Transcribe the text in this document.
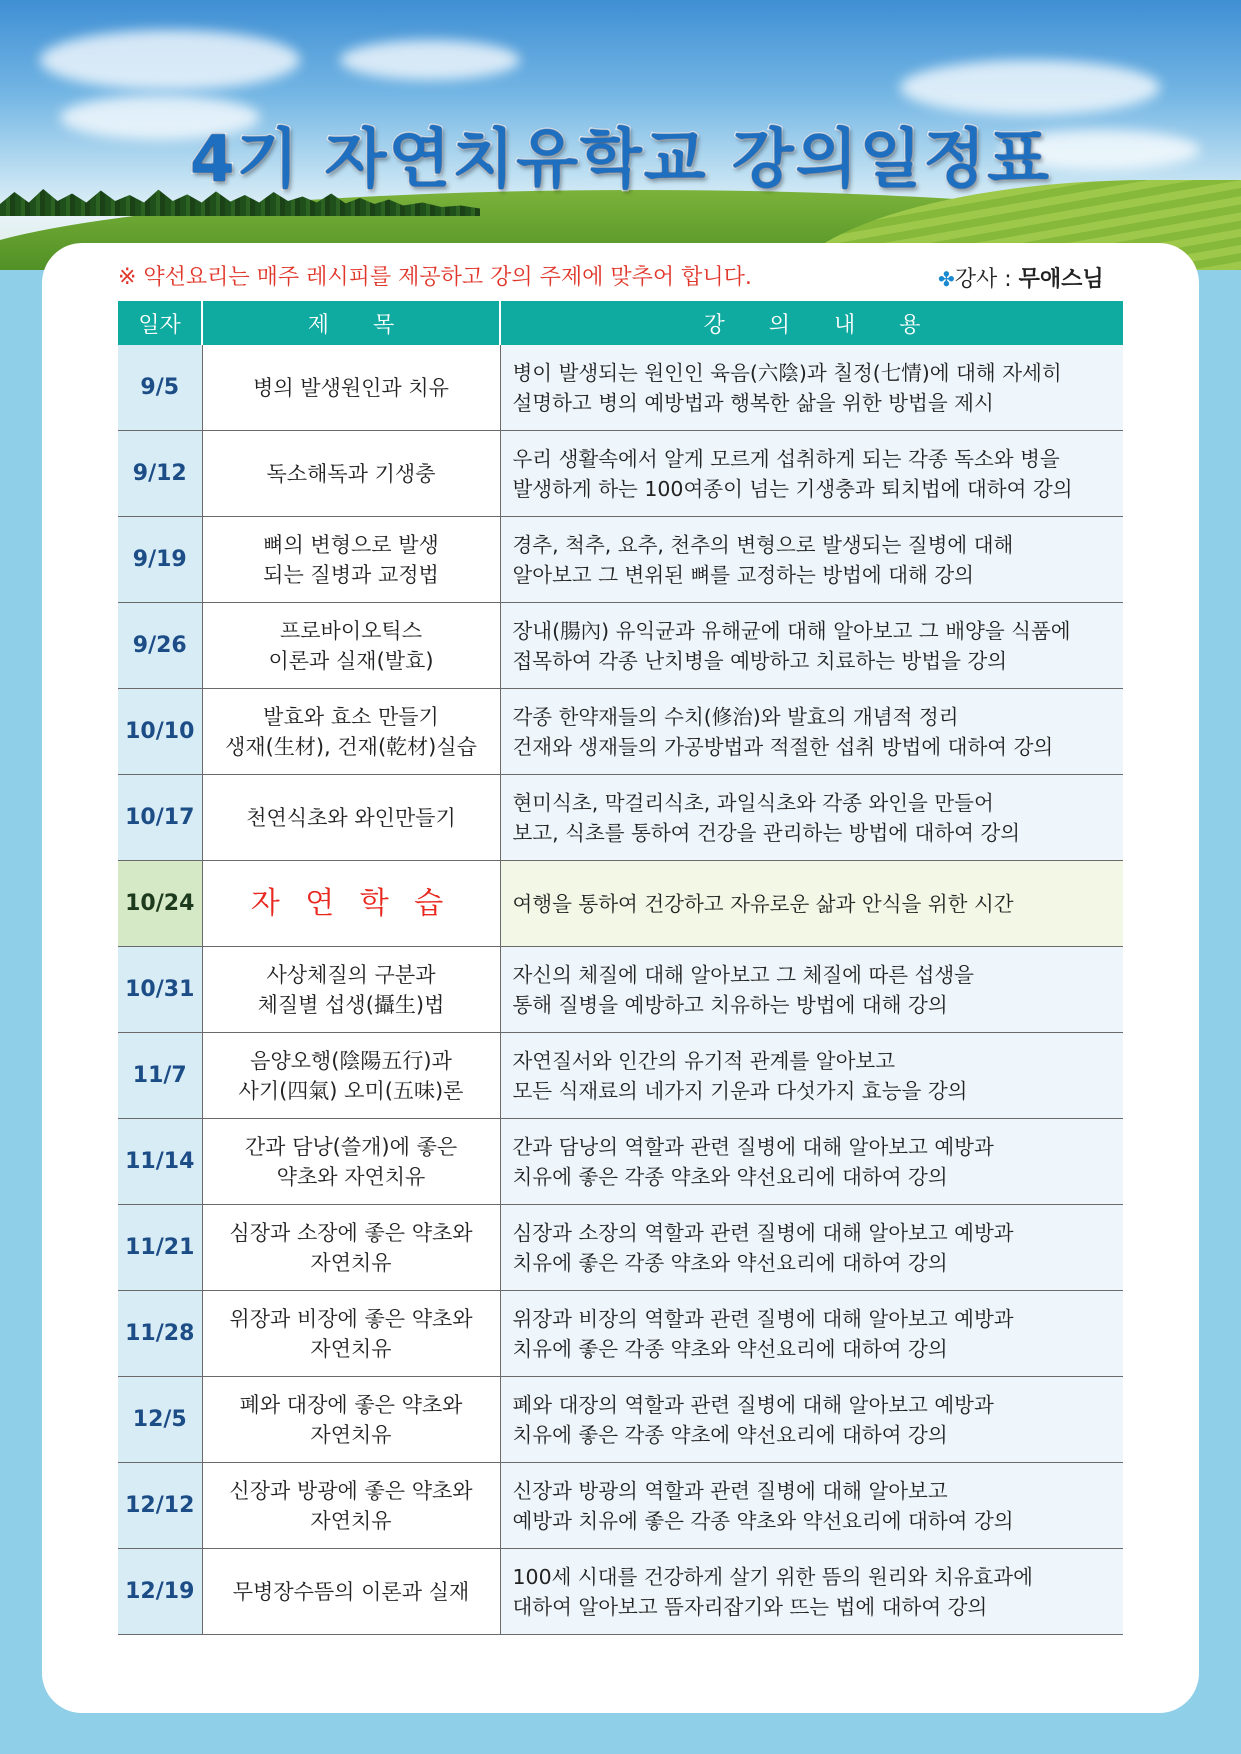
4기 자연치유학교 강의일정표
※ 약선요리는 매주 레시피를 제공하고 강의 주제에 맞추어 합니다.	✤강사 : 무애스님
일자	제　　목	강　　의　　내　　용
9/5	병의 발생원인과 치유	병이 발생되는 원인인 육음(六陰)과 칠정(七情)에 대해 자세히
설명하고 병의 예방법과 행복한 삶을 위한 방법을 제시
9/12	독소해독과 기생충	우리 생활속에서 알게 모르게 섭취하게 되는 각종 독소와 병을
발생하게 하는 100여종이 넘는 기생충과 퇴치법에 대하여 강의
9/19	뼈의 변형으로 발생
되는 질병과 교정법	경추, 척추, 요추, 천추의 변형으로 발생되는 질병에 대해
알아보고 그 변위된 뼈를 교정하는 방법에 대해 강의
9/26	프로바이오틱스
이론과 실재(발효)	장내(腸內) 유익균과 유해균에 대해 알아보고 그 배양을 식품에
접목하여 각종 난치병을 예방하고 치료하는 방법을 강의
10/10	발효와 효소 만들기
생재(生材), 건재(乾材)실습	각종 한약재들의 수치(修治)와 발효의 개념적 정리
건재와 생재들의 가공방법과 적절한 섭취 방법에 대하여 강의
10/17	천연식초와 와인만들기	현미식초, 막걸리식초, 과일식초와 각종 와인을 만들어
보고, 식초를 통하여 건강을 관리하는 방법에 대하여 강의
10/24	자 연 학 습	여행을 통하여 건강하고 자유로운 삶과 안식을 위한 시간
10/31	사상체질의 구분과
체질별 섭생(攝生)법	자신의 체질에 대해 알아보고 그 체질에 따른 섭생을
통해 질병을 예방하고 치유하는 방법에 대해 강의
11/7	음양오행(陰陽五行)과
사기(四氣) 오미(五味)론	자연질서와 인간의 유기적 관계를 알아보고
모든 식재료의 네가지 기운과 다섯가지 효능을 강의
11/14	간과 담낭(쓸개)에 좋은
약초와 자연치유	간과 담낭의 역할과 관련 질병에 대해 알아보고 예방과
치유에 좋은 각종 약초와 약선요리에 대하여 강의
11/21	심장과 소장에 좋은 약초와
자연치유	심장과 소장의 역할과 관련 질병에 대해 알아보고 예방과
치유에 좋은 각종 약초와 약선요리에 대하여 강의
11/28	위장과 비장에 좋은 약초와
자연치유	위장과 비장의 역할과 관련 질병에 대해 알아보고 예방과
치유에 좋은 각종 약초와 약선요리에 대하여 강의
12/5	폐와 대장에 좋은 약초와
자연치유	폐와 대장의 역할과 관련 질병에 대해 알아보고 예방과
치유에 좋은 각종 약초에 약선요리에 대하여 강의
12/12	신장과 방광에 좋은 약초와
자연치유	신장과 방광의 역할과 관련 질병에 대해 알아보고
예방과 치유에 좋은 각종 약초와 약선요리에 대하여 강의
12/19	무병장수뜸의 이론과 실재	100세 시대를 건강하게 살기 위한 뜸의 원리와 치유효과에
대하여 알아보고 뜸자리잡기와 뜨는 법에 대하여 강의
